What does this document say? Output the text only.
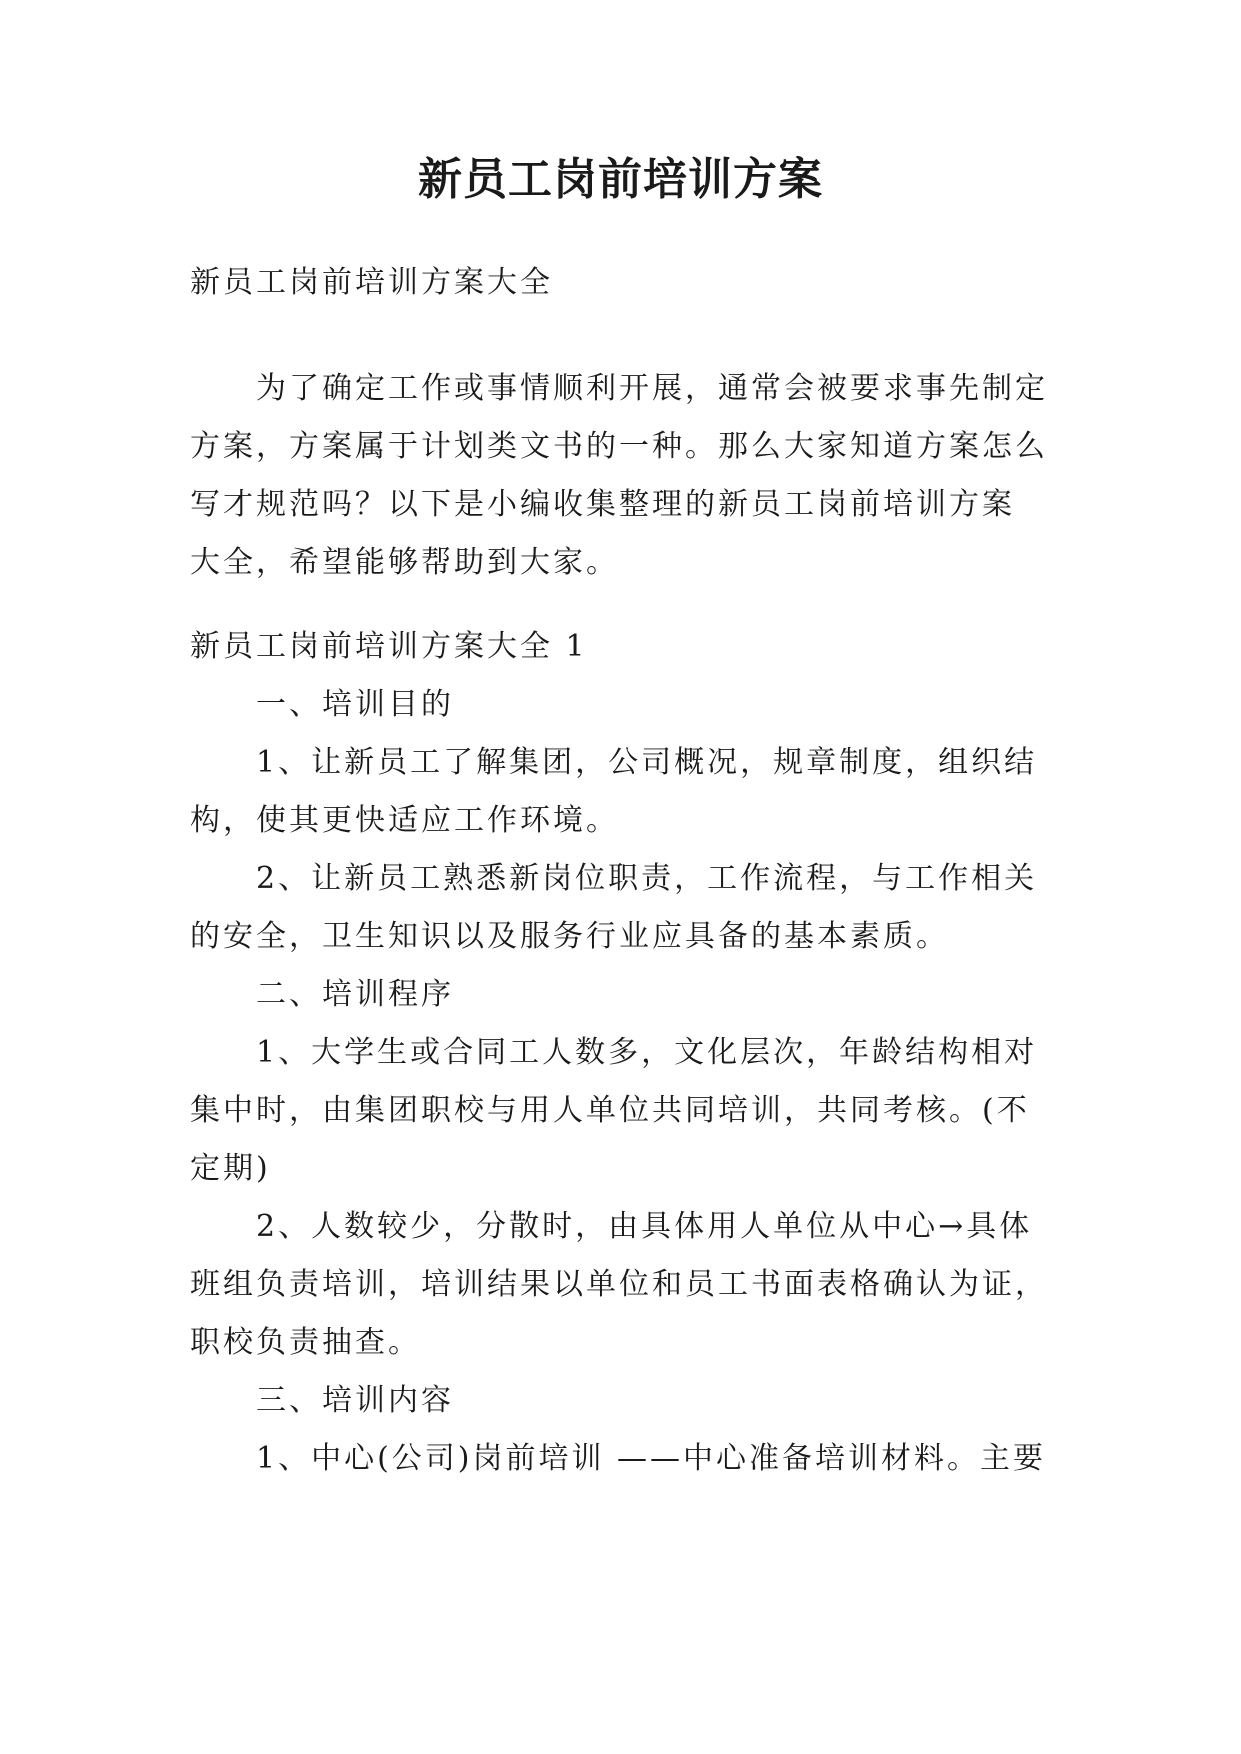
新员工岗前培训方案
新员工岗前培训方案大全
为了确定工作或事情顺利开展，通常会被要求事先制定
方案，方案属于计划类文书的一种。那么大家知道方案怎么
写才规范吗？以下是小编收集整理的新员工岗前培训方案
大全，希望能够帮助到大家。
新员工岗前培训方案大全 1
一、培训目的
1、让新员工了解集团，公司概况，规章制度，组织结
构，使其更快适应工作环境。
2、让新员工熟悉新岗位职责，工作流程，与工作相关
的安全，卫生知识以及服务行业应具备的基本素质。
二、培训程序
1、大学生或合同工人数多，文化层次，年龄结构相对
集中时，由集团职校与用人单位共同培训，共同考核。(不
定期)
2、人数较少，分散时，由具体用人单位从中心→具体
班组负责培训，培训结果以单位和员工书面表格确认为证，
职校负责抽查。
三、培训内容
1、中心(公司)岗前培训 ——中心准备培训材料。主要
